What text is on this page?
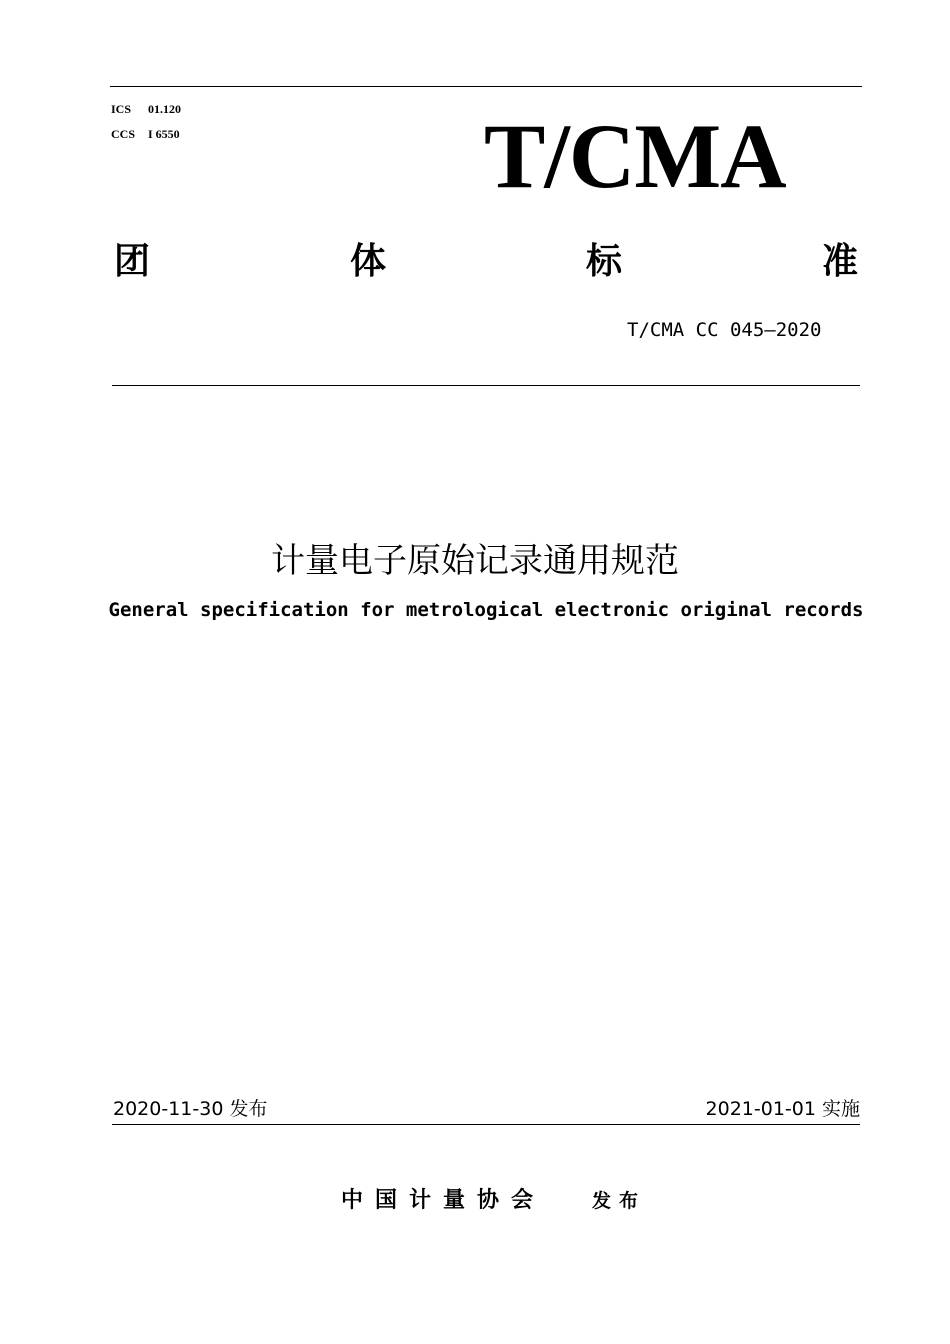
ICS 01.120
CCS I 6550	T/CMA
团	体	标	准
T/CMA CC 045—2020
计量电子原始记录通用规范
General specification for metrological electronic original records
2020-11-30 发布	2021-01-01 实施
中国计量协会 发布
